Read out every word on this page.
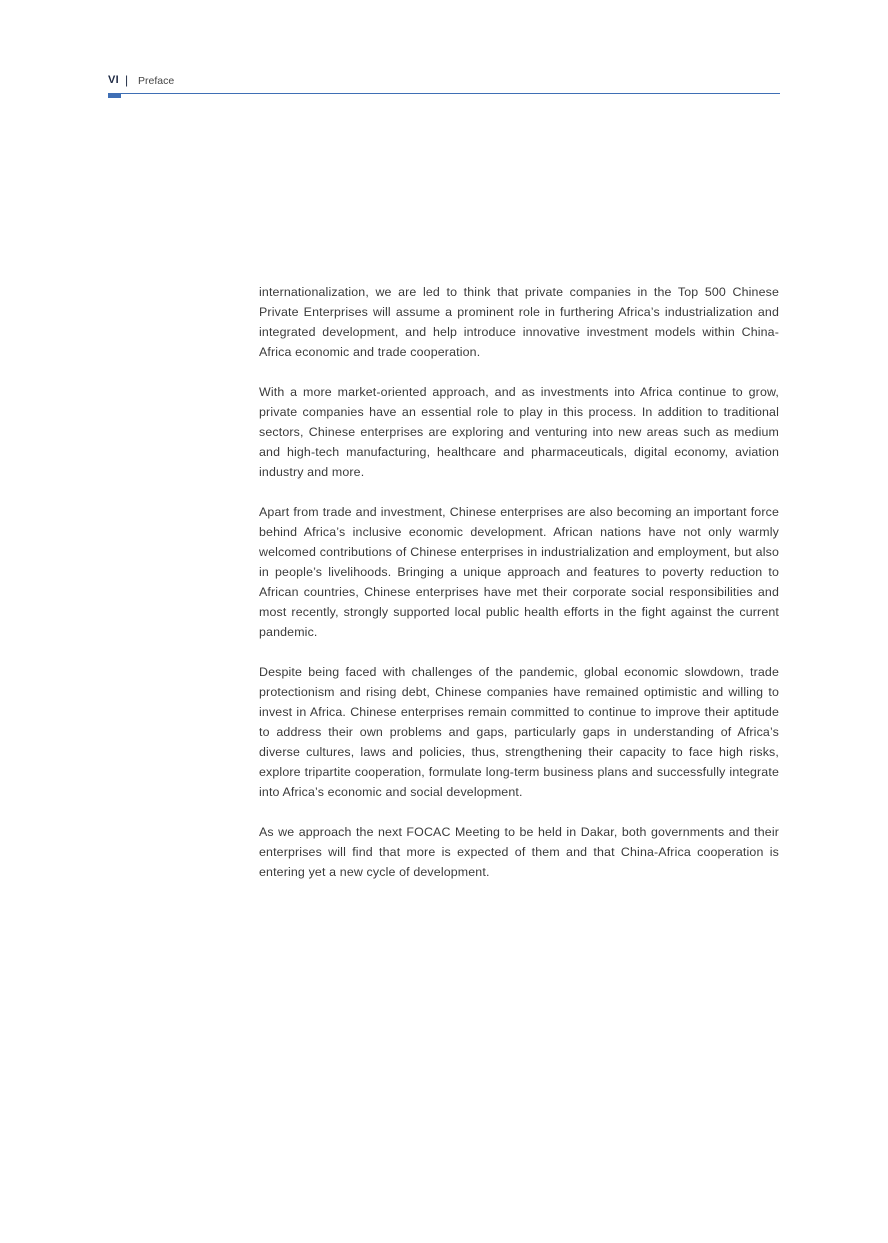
VI | Preface

internationalization, we are led to think that private companies in the Top 500 Chinese Private Enterprises will assume a prominent role in furthering Africa’s industrialization and integrated development, and help introduce innovative investment models within China-Africa economic and trade cooperation.

With a more market-oriented approach, and as investments into Africa continue to grow, private companies have an essential role to play in this process. In addition to traditional sectors, Chinese enterprises are exploring and venturing into new areas such as medium and high-tech manufacturing, healthcare and pharmaceuticals, digital economy, aviation industry and more.

Apart from trade and investment, Chinese enterprises are also becoming an important force behind Africa’s inclusive economic development. African nations have not only warmly welcomed contributions of Chinese enterprises in industrialization and employment, but also in people’s livelihoods. Bringing a unique approach and features to poverty reduction to African countries, Chinese enterprises have met their corporate social responsibilities and most recently, strongly supported local public health efforts in the fight against the current pandemic.

Despite being faced with challenges of the pandemic, global economic slowdown, trade protectionism and rising debt, Chinese companies have remained optimistic and willing to invest in Africa. Chinese enterprises remain committed to continue to improve their aptitude to address their own problems and gaps, particularly gaps in understanding of Africa’s diverse cultures, laws and policies, thus, strengthening their capacity to face high risks, explore tripartite cooperation, formulate long-term business plans and successfully integrate into Africa’s economic and social development.

As we approach the next FOCAC Meeting to be held in Dakar, both governments and their enterprises will find that more is expected of them and that China-Africa cooperation is entering yet a new cycle of development.
